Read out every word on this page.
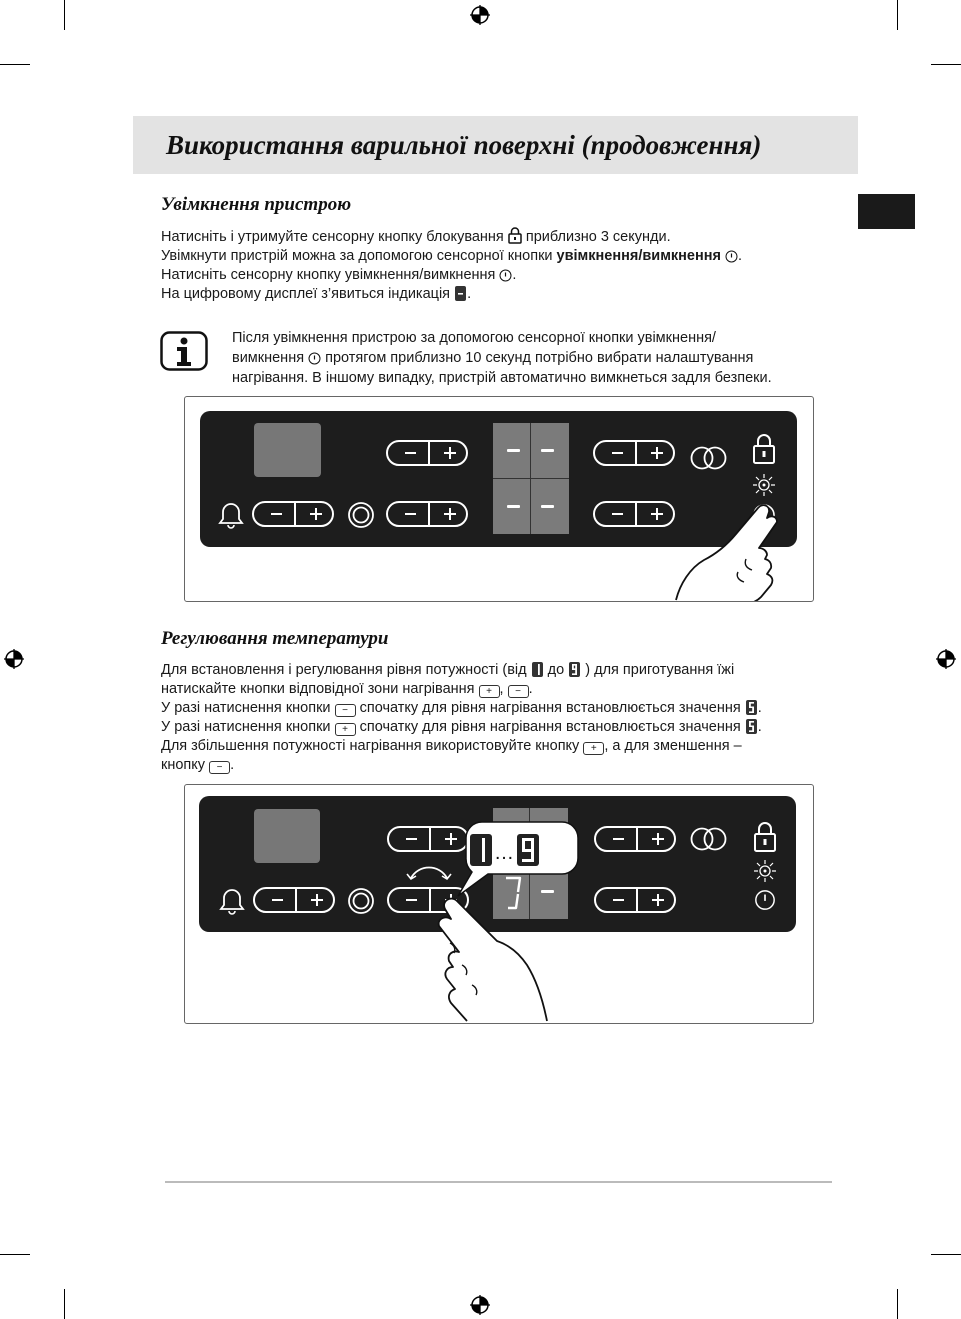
Використання варильної поверхні (продовження)
Увімкнення пристрою

Натисніть і утримуйте сенсорну кнопку блокування приблизно 3 секунди.

Увімкнути пристрій можна за допомогою сенсорної кнопки увімкнення/вимкнення .

Натисніть сенсорну кнопку увімкнення/вимкнення .

На цифровому дисплеї з’явиться індикація .

Після увімкнення пристрою за допомогою сенсорної кнопки увімкнення/

вимкнення протягом приблизно 10 секунд потрібно вибрати налаштування

нагрівання. В іншому випадку, пристрій автоматично вимкнеться задля безпеки.

Регулювання температури

Для встановлення і регулювання рівня потужності (від до ) для приготування їжі

натискайте кнопки відповідної зони нагрівання + , − .

У разі натиснення кнопки − спочатку для рівня нагрівання встановлюється значення .

У разі натиснення кнопки + спочатку для рівня нагрівання встановлюється значення .

Для збільшення потужності нагрівання використовуйте кнопку + , а для зменшення –

кнопку − .

…
